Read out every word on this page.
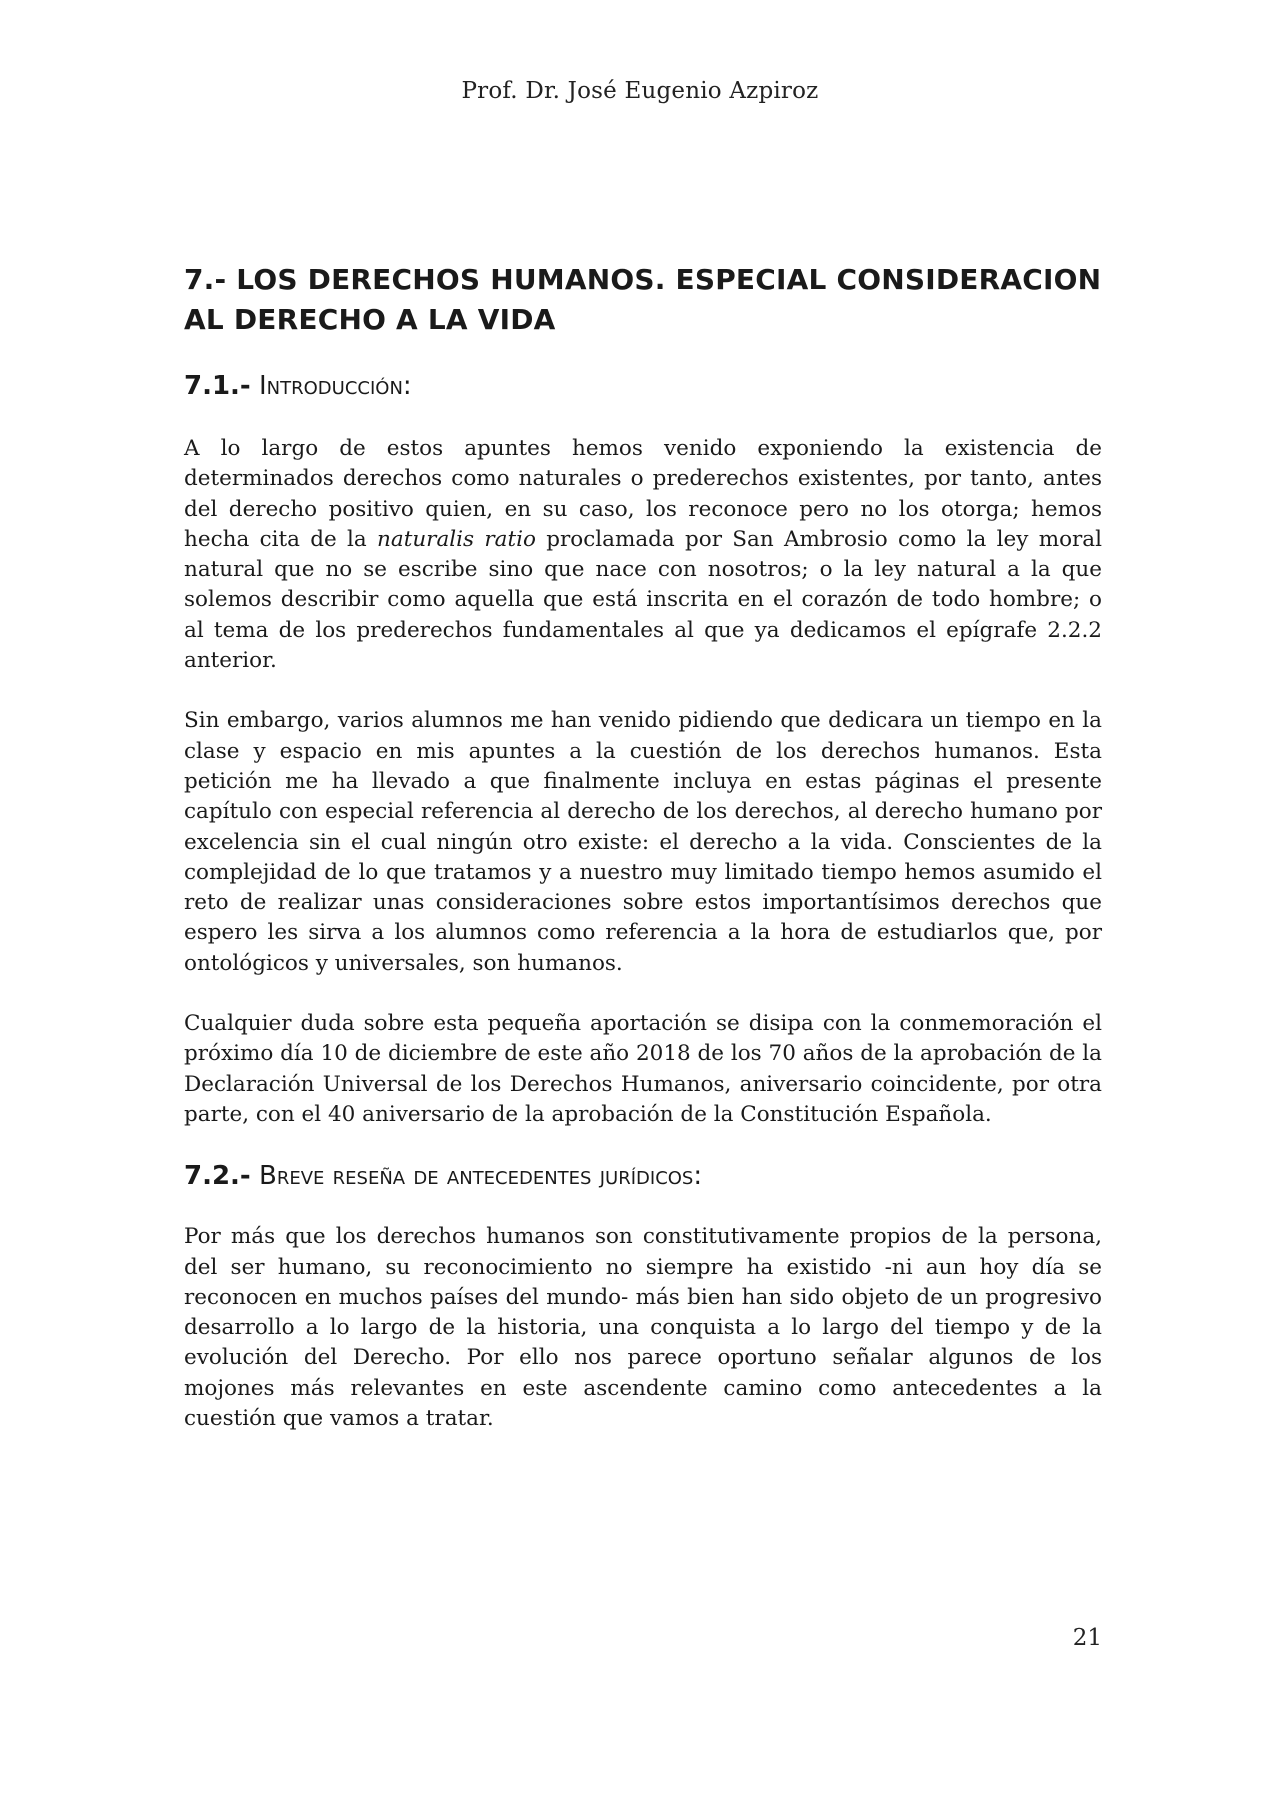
Prof. Dr. José Eugenio Azpiroz
7.- LOS DERECHOS HUMANOS. ESPECIAL CONSIDERACION
AL DERECHO A LA VIDA
7.1.- Introducción:

A lo largo de estos apuntes hemos venido exponiendo la existencia de determinados derechos como naturales o prederechos existentes, por tanto, antes del derecho positivo quien, en su caso, los reconoce pero no los otorga; hemos hecha cita de la naturalis ratio proclamada por San Ambrosio como la ley moral natural que no se escribe sino que nace con nosotros; o la ley natural a la que solemos describir como aquella que está inscrita en el corazón de todo hombre; o al tema de los prederechos fundamentales al que ya dedicamos el epígrafe 2.2.2 anterior.

Sin embargo, varios alumnos me han venido pidiendo que dedicara un tiempo en la clase y espacio en mis apuntes a la cuestión de los derechos humanos. Esta petición me ha llevado a que finalmente incluya en estas páginas el presente capítulo con especial referencia al derecho de los derechos, al derecho humano por excelencia sin el cual ningún otro existe: el derecho a la vida. Conscientes de la complejidad de lo que tratamos y a nuestro muy limitado tiempo hemos asumido el reto de realizar unas consideraciones sobre estos importantísimos derechos que espero les sirva a los alumnos como referencia a la hora de estudiarlos que, por ontológicos y universales, son humanos.

Cualquier duda sobre esta pequeña aportación se disipa con la conmemoración el próximo día 10 de diciembre de este año 2018 de los 70 años de la aprobación de la Declaración Universal de los Derechos Humanos, aniversario coincidente, por otra parte, con el 40 aniversario de la aprobación de la Constitución Española.

7.2.- Breve reseña de antecedentes jurídicos:

Por más que los derechos humanos son constitutivamente propios de la persona, del ser humano, su reconocimiento no siempre ha existido -ni aun hoy día se reconocen en muchos países del mundo- más bien han sido objeto de un progresivo desarrollo a lo largo de la historia, una conquista a lo largo del tiempo y de la evolución del Derecho. Por ello nos parece oportuno señalar algunos de los mojones más relevantes en este ascendente camino como antecedentes a la cuestión que vamos a tratar.

21
